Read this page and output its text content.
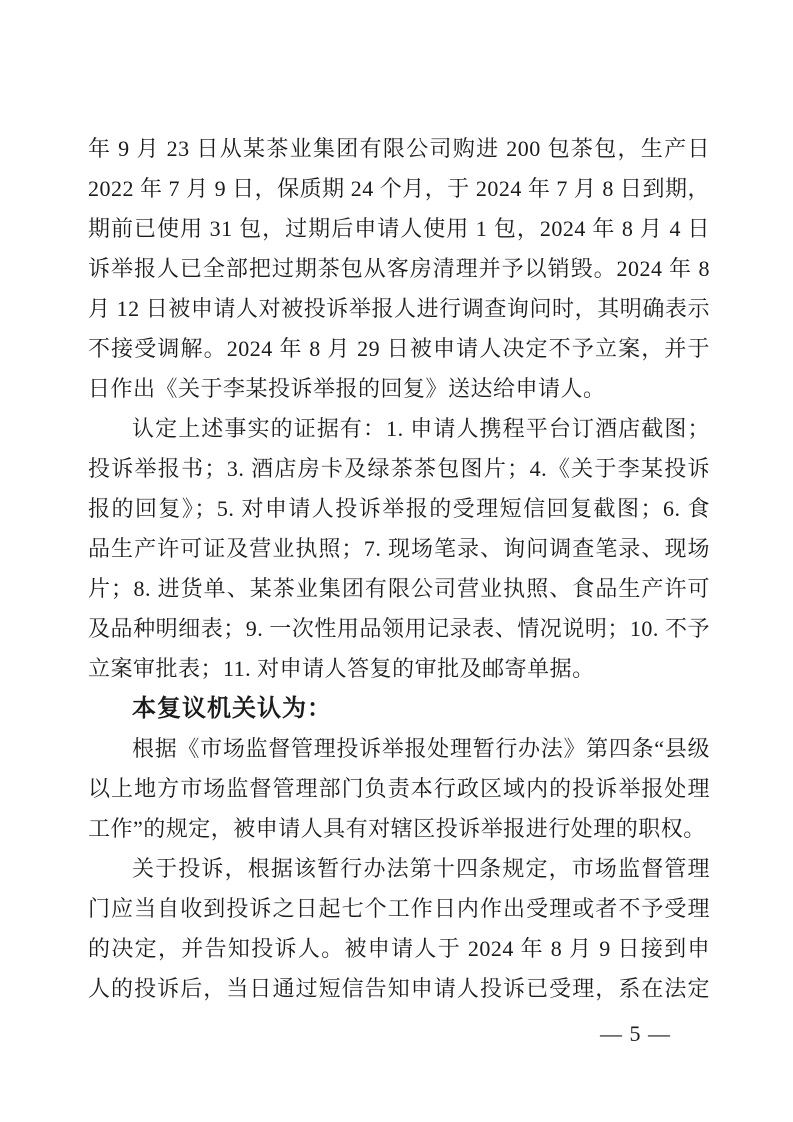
年 9 月 23 日从某茶业集团有限公司购进 200 包茶包，生产日
2022 年 7 月 9 日，保质期 24 个月，于 2024 年 7 月 8 日到期，
期前已使用 31 包，过期后申请人使用 1 包，2024 年 8 月 4 日
诉举报人已全部把过期茶包从客房清理并予以销毁。2024 年 8
月 12 日被申请人对被投诉举报人进行调查询问时，其明确表示
不接受调解。2024 年 8 月 29 日被申请人决定不予立案，并于
日作出《关于李某投诉举报的回复》送达给申请人。
认定上述事实的证据有：1. 申请人携程平台订酒店截图；
投诉举报书；3. 酒店房卡及绿茶茶包图片；4.《关于李某投诉
报的回复》；5. 对申请人投诉举报的受理短信回复截图；6. 食
品生产许可证及营业执照；7. 现场笔录、询问调查笔录、现场
片；8. 进货单、某茶业集团有限公司营业执照、食品生产许可
及品种明细表；9. 一次性用品领用记录表、情况说明；10. 不予
立案审批表；11. 对申请人答复的审批及邮寄单据。
本复议机关认为：
根据《市场监督管理投诉举报处理暂行办法》第四条“县级
以上地方市场监督管理部门负责本行政区域内的投诉举报处理
工作”的规定，被申请人具有对辖区投诉举报进行处理的职权。
关于投诉，根据该暂行办法第十四条规定，市场监督管理
门应当自收到投诉之日起七个工作日内作出受理或者不予受理
的决定，并告知投诉人。被申请人于 2024 年 8 月 9 日接到申
人的投诉后，当日通过短信告知申请人投诉已受理，系在法定
— 5 —
